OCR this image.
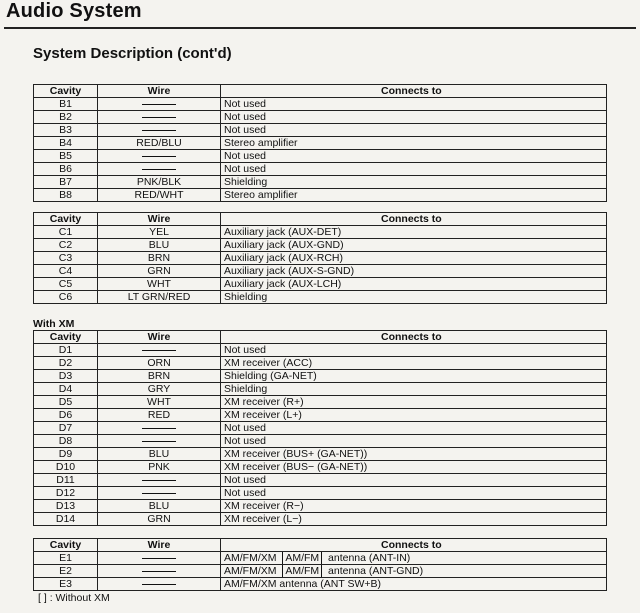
Audio System
System Description (cont'd)
Cavity	Wire	Connects to
B1		Not used
B2		Not used
B3		Not used
B4	RED/BLU	Stereo amplifier
B5		Not used
B6		Not used
B7	PNK/BLK	Shielding
B8	RED/WHT	Stereo amplifier
Cavity	Wire	Connects to
C1	YEL	Auxiliary jack (AUX-DET)
C2	BLU	Auxiliary jack (AUX-GND)
C3	BRN	Auxiliary jack (AUX-RCH)
C4	GRN	Auxiliary jack (AUX-S-GND)
C5	WHT	Auxiliary jack (AUX-LCH)
C6	LT GRN/RED	Shielding
With XM
Cavity	Wire	Connects to
D1		Not used
D2	ORN	XM receiver (ACC)
D3	BRN	Shielding (GA-NET)
D4	GRY	Shielding
D5	WHT	XM receiver (R+)
D6	RED	XM receiver (L+)
D7		Not used
D8		Not used
D9	BLU	XM receiver (BUS+ (GA-NET))
D10	PNK	XM receiver (BUS− (GA-NET))
D11		Not used
D12		Not used
D13	BLU	XM receiver (R−)
D14	GRN	XM receiver (L−)
Cavity	Wire	Connects to
E1		AM/FM/XM AM/FM antenna (ANT-IN)
E2		AM/FM/XM AM/FM antenna (ANT-GND)
E3		AM/FM/XM antenna (ANT SW+B)
[ ] : Without XM
